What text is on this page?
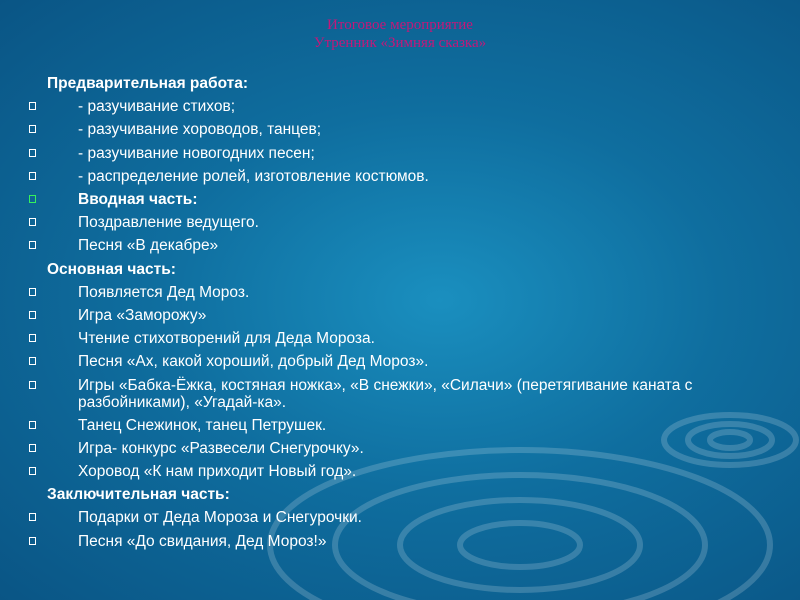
Итоговое мероприятие
Утренник «Зимняя сказка»
Предварительная работа:
- разучивание стихов;
- разучивание хороводов, танцев;
- разучивание новогодних песен;
- распределение ролей, изготовление костюмов.
Вводная часть:
Поздравление ведущего.
Песня «В декабре»
Основная часть:
Появляется Дед Мороз.
Игра «Заморожу»
Чтение стихотворений для Деда Мороза.
Песня «Ах, какой хороший, добрый Дед Мороз».
Игры «Бабка-Ёжка, костяная ножка», «В снежки», «Силачи» (перетягивание каната с разбойниками), «Угадай-ка».
Танец Снежинок, танец Петрушек.
Игра- конкурс «Развесели Снегурочку».
Хоровод «К нам приходит Новый год».
Заключительная часть:
Подарки от Деда Мороза и Снегурочки.
Песня «До свидания, Дед Мороз!»
